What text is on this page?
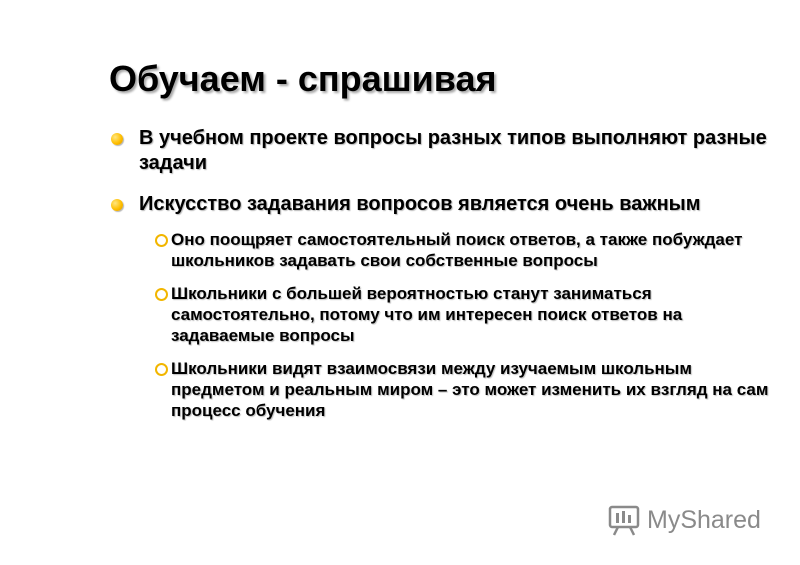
Обучаем - спрашивая
В учебном проекте вопросы разных типов выполняют разные задачи
Искусство задавания вопросов является очень важным
Оно поощряет самостоятельный поиск ответов, а также побуждает школьников задавать свои собственные вопросы
Школьники с большей вероятностью станут заниматься самостоятельно, потому что им интересен поиск ответов на задаваемые вопросы
Школьники видят взаимосвязи между изучаемым школьным предметом и реальным миром – это может изменить их взгляд на сам процесс обучения
MyShared
